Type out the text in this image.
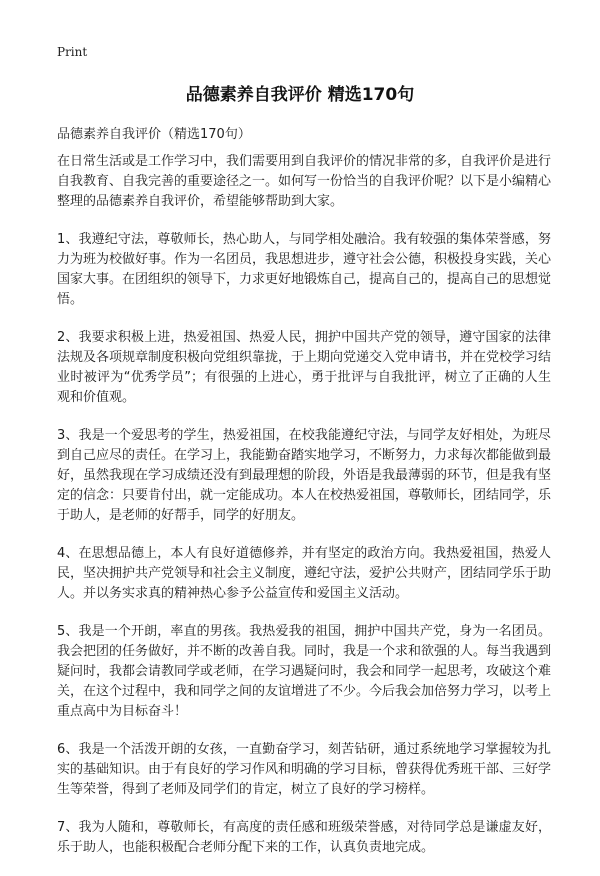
Print
品德素养自我评价 精选170句

品德素养自我评价（精选170句）

在日常生活或是工作学习中，我们需要用到自我评价的情况非常的多，自我评价是进行自我教育、自我完善的重要途径之一。如何写一份恰当的自我评价呢？以下是小编精心整理的品德素养自我评价，希望能够帮助到大家。

1、我遵纪守法，尊敬师长，热心助人，与同学相处融洽。我有较强的集体荣誉感，努力为班为校做好事。作为一名团员，我思想进步，遵守社会公德，积极投身实践，关心国家大事。在团组织的领导下，力求更好地锻炼自己，提高自己的，提高自己的思想觉悟。

2、我要求积极上进，热爱祖国、热爱人民，拥护中国共产党的领导，遵守国家的法律法规及各项规章制度积极向党组织靠拢，于上期向党递交入党申请书，并在党校学习结业时被评为“优秀学员”；有很强的上进心，勇于批评与自我批评，树立了正确的人生观和价值观。

3、我是一个爱思考的学生，热爱祖国，在校我能遵纪守法，与同学友好相处，为班尽到自己应尽的责任。在学习上，我能勤奋踏实地学习，不断努力，力求每次都能做到最好，虽然我现在学习成绩还没有到最理想的阶段，外语是我最薄弱的环节，但是我有坚定的信念：只要肯付出，就一定能成功。本人在校热爱祖国，尊敬师长，团结同学，乐于助人，是老师的好帮手，同学的好朋友。

4、在思想品德上，本人有良好道德修养，并有坚定的政治方向。我热爱祖国，热爱人民，坚决拥护共产党领导和社会主义制度，遵纪守法，爱护公共财产，团结同学乐于助人。并以务实求真的精神热心参予公益宣传和爱国主义活动。

5、我是一个开朗，率直的男孩。我热爱我的祖国，拥护中国共产党，身为一名团员。我会把团的任务做好，并不断的改善自我。同时，我是一个求和欲强的人。每当我遇到疑问时，我都会请教同学或老师，在学习遇疑问时，我会和同学一起思考，攻破这个难关，在这个过程中，我和同学之间的友谊增进了不少。今后我会加倍努力学习，以考上重点高中为目标奋斗！

6、我是一个活泼开朗的女孩，一直勤奋学习，刻苦钻研，通过系统地学习掌握较为扎实的基础知识。由于有良好的学习作风和明确的学习目标，曾获得优秀班干部、三好学生等荣誉，得到了老师及同学们的肯定，树立了良好的学习榜样。

7、我为人随和，尊敬师长，有高度的责任感和班级荣誉感，对待同学总是谦虚友好，乐于助人，也能积极配合老师分配下来的工作，认真负责地完成。
